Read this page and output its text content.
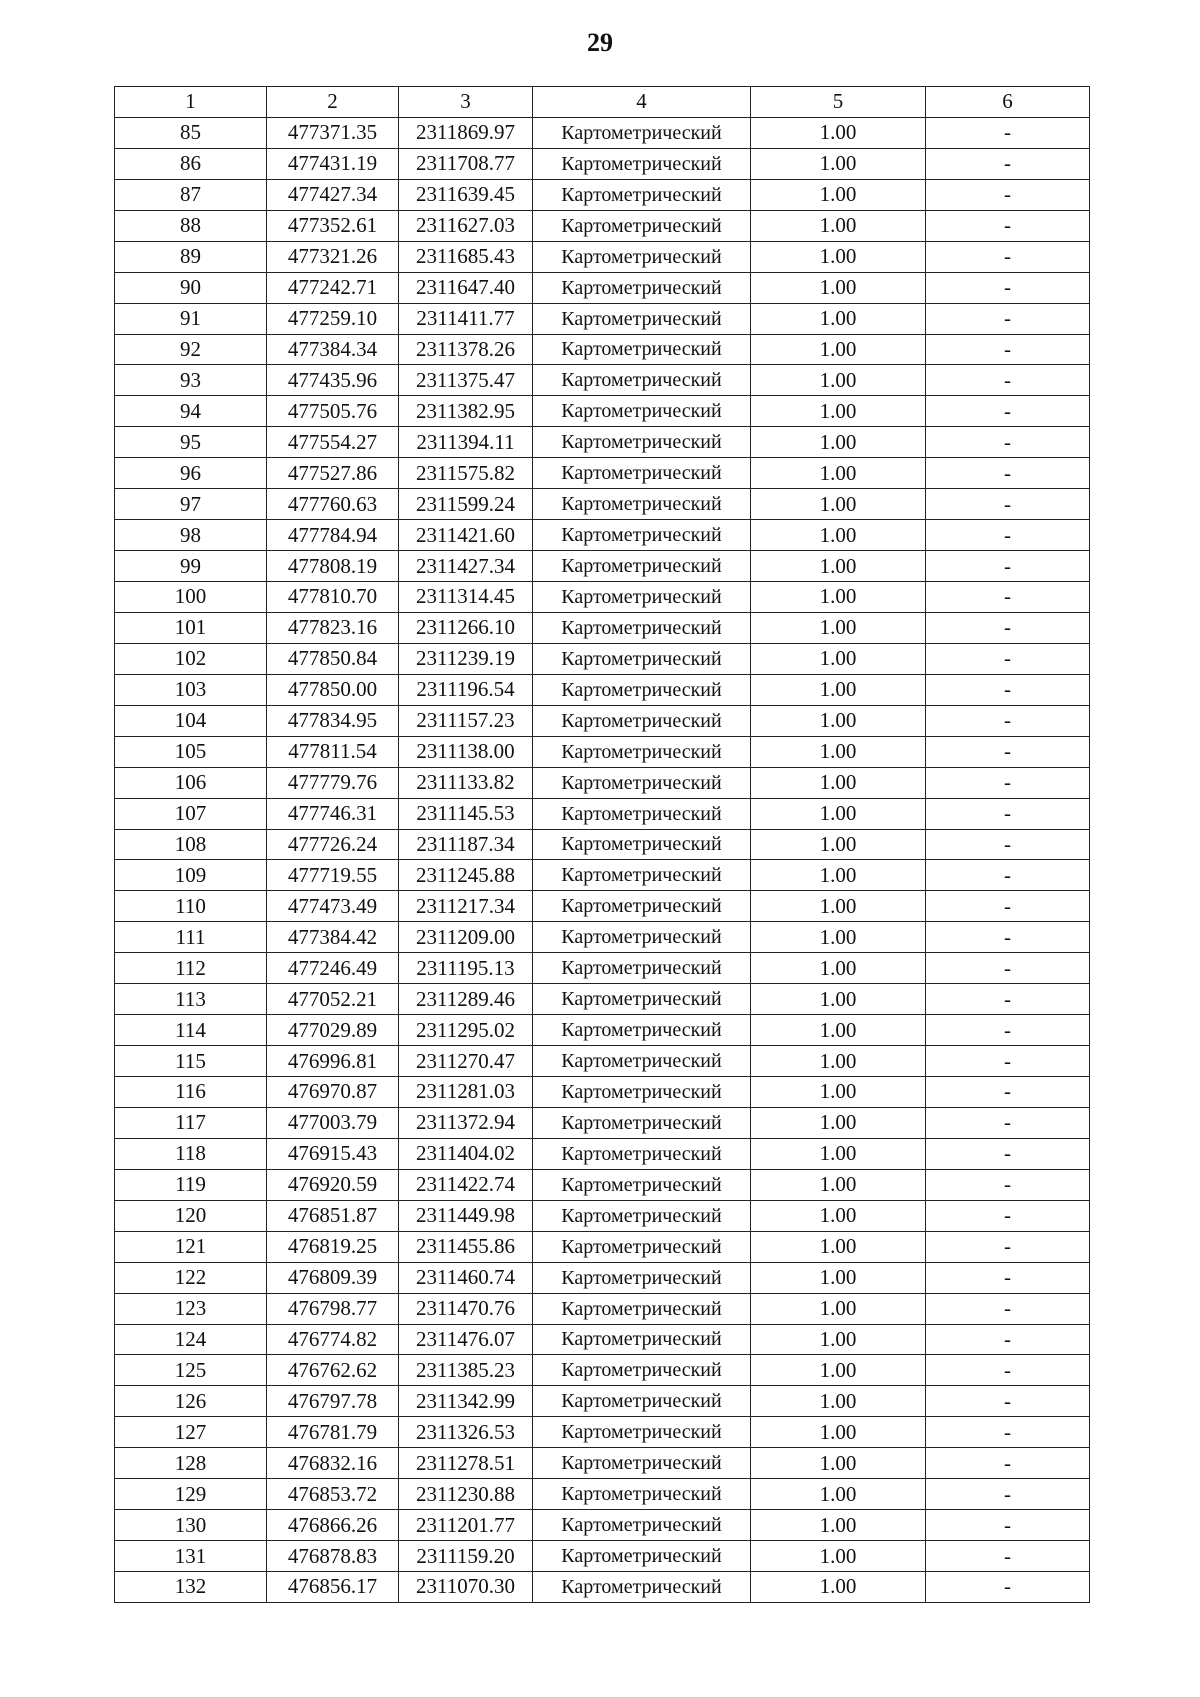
29
1	2	3	4	5	6
85	477371.35	2311869.97	Картометрический	1.00	-
86	477431.19	2311708.77	Картометрический	1.00	-
87	477427.34	2311639.45	Картометрический	1.00	-
88	477352.61	2311627.03	Картометрический	1.00	-
89	477321.26	2311685.43	Картометрический	1.00	-
90	477242.71	2311647.40	Картометрический	1.00	-
91	477259.10	2311411.77	Картометрический	1.00	-
92	477384.34	2311378.26	Картометрический	1.00	-
93	477435.96	2311375.47	Картометрический	1.00	-
94	477505.76	2311382.95	Картометрический	1.00	-
95	477554.27	2311394.11	Картометрический	1.00	-
96	477527.86	2311575.82	Картометрический	1.00	-
97	477760.63	2311599.24	Картометрический	1.00	-
98	477784.94	2311421.60	Картометрический	1.00	-
99	477808.19	2311427.34	Картометрический	1.00	-
100	477810.70	2311314.45	Картометрический	1.00	-
101	477823.16	2311266.10	Картометрический	1.00	-
102	477850.84	2311239.19	Картометрический	1.00	-
103	477850.00	2311196.54	Картометрический	1.00	-
104	477834.95	2311157.23	Картометрический	1.00	-
105	477811.54	2311138.00	Картометрический	1.00	-
106	477779.76	2311133.82	Картометрический	1.00	-
107	477746.31	2311145.53	Картометрический	1.00	-
108	477726.24	2311187.34	Картометрический	1.00	-
109	477719.55	2311245.88	Картометрический	1.00	-
110	477473.49	2311217.34	Картометрический	1.00	-
111	477384.42	2311209.00	Картометрический	1.00	-
112	477246.49	2311195.13	Картометрический	1.00	-
113	477052.21	2311289.46	Картометрический	1.00	-
114	477029.89	2311295.02	Картометрический	1.00	-
115	476996.81	2311270.47	Картометрический	1.00	-
116	476970.87	2311281.03	Картометрический	1.00	-
117	477003.79	2311372.94	Картометрический	1.00	-
118	476915.43	2311404.02	Картометрический	1.00	-
119	476920.59	2311422.74	Картометрический	1.00	-
120	476851.87	2311449.98	Картометрический	1.00	-
121	476819.25	2311455.86	Картометрический	1.00	-
122	476809.39	2311460.74	Картометрический	1.00	-
123	476798.77	2311470.76	Картометрический	1.00	-
124	476774.82	2311476.07	Картометрический	1.00	-
125	476762.62	2311385.23	Картометрический	1.00	-
126	476797.78	2311342.99	Картометрический	1.00	-
127	476781.79	2311326.53	Картометрический	1.00	-
128	476832.16	2311278.51	Картометрический	1.00	-
129	476853.72	2311230.88	Картометрический	1.00	-
130	476866.26	2311201.77	Картометрический	1.00	-
131	476878.83	2311159.20	Картометрический	1.00	-
132	476856.17	2311070.30	Картометрический	1.00	-
